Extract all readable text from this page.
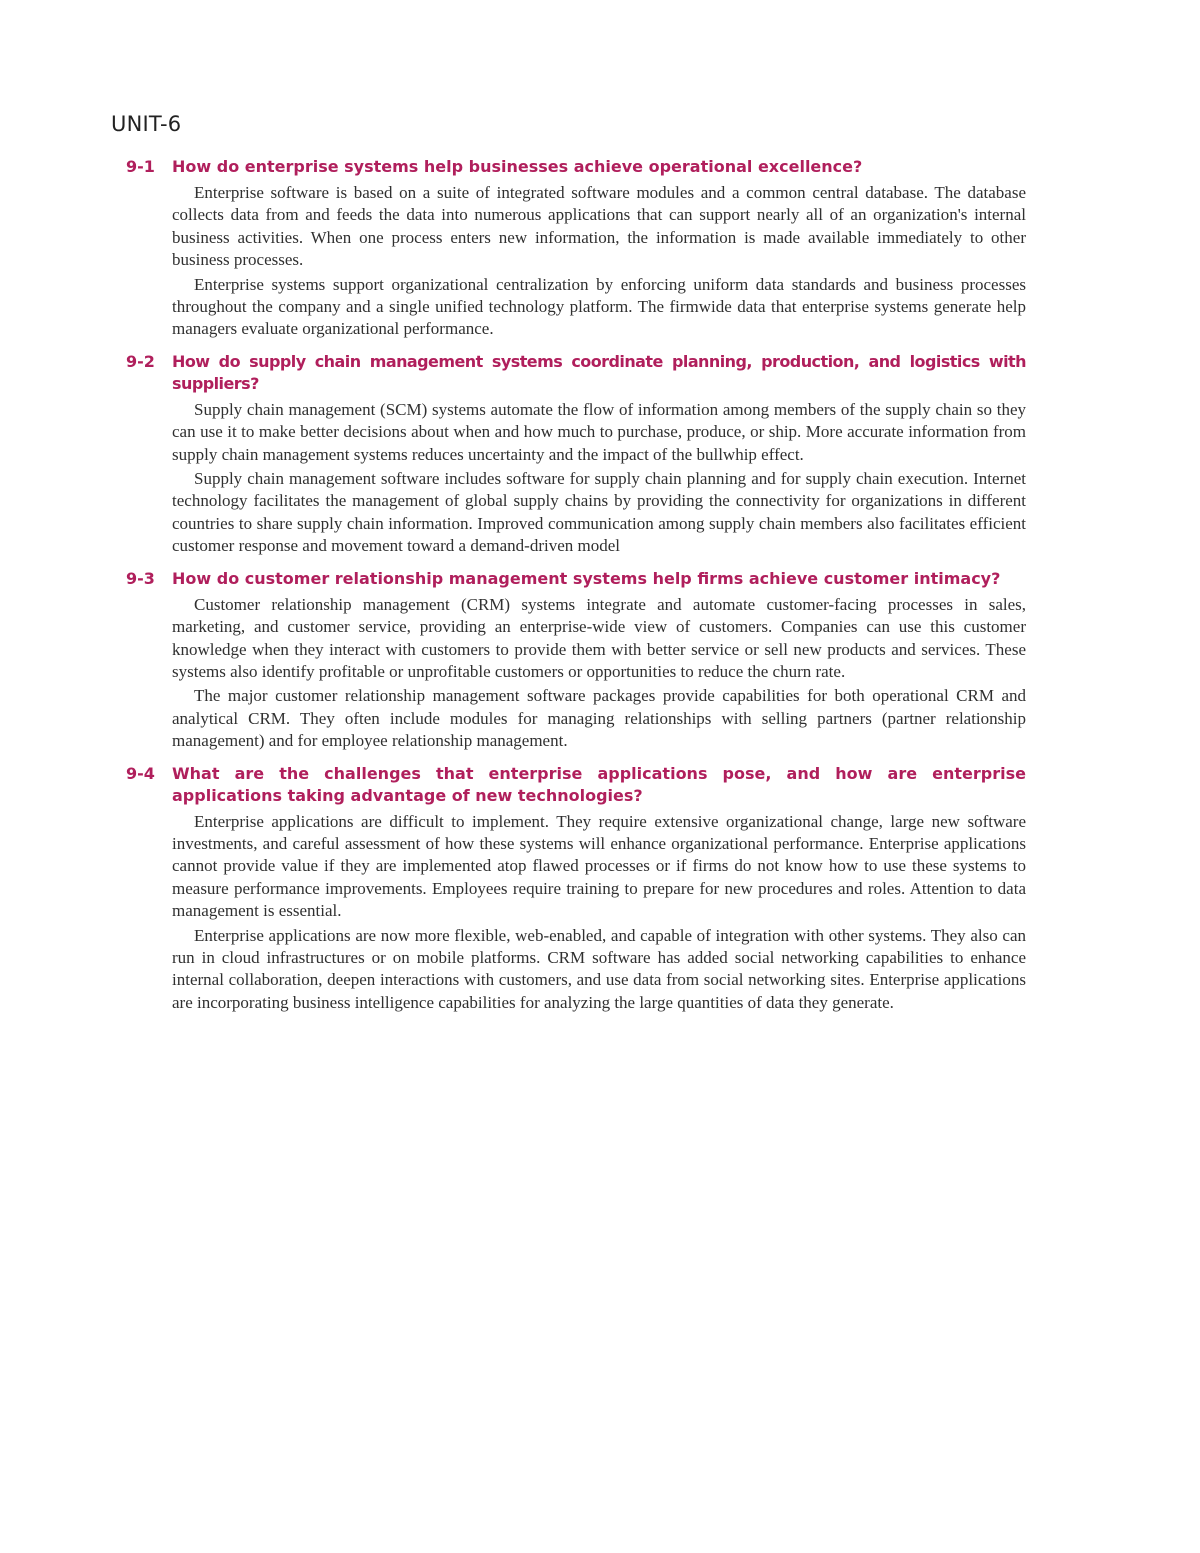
UNIT-6
9-1	How do enterprise systems help businesses achieve operational excellence?

Enterprise software is based on a suite of integrated software modules and a common central database. The database collects data from and feeds the data into numerous applications that can support nearly all of an organization's internal business activities. When one process enters new information, the information is made available immediately to other business processes.

Enterprise systems support organizational centralization by enforcing uniform data standards and business processes throughout the company and a single unified technology platform. The firmwide data that enterprise systems generate help managers evaluate organizational performance.

9-2	How do supply chain management systems coordinate planning, production, and logistics with suppliers?

Supply chain management (SCM) systems automate the flow of information among members of the supply chain so they can use it to make better decisions about when and how much to purchase, produce, or ship. More accurate information from supply chain management systems reduces uncertainty and the impact of the bullwhip effect.

Supply chain management software includes software for supply chain planning and for supply chain execution. Internet technology facilitates the management of global supply chains by providing the connectivity for organizations in different countries to share supply chain information. Improved communication among supply chain members also facilitates efficient customer response and movement toward a demand-driven model

9-3	How do customer relationship management systems help firms achieve customer intimacy?

Customer relationship management (CRM) systems integrate and automate customer-facing processes in sales, marketing, and customer service, providing an enterprise-wide view of customers. Companies can use this customer knowledge when they interact with customers to provide them with better service or sell new products and services. These systems also identify profitable or unprofitable customers or opportunities to reduce the churn rate.

The major customer relationship management software packages provide capabilities for both operational CRM and analytical CRM. They often include modules for managing relationships with selling partners (partner relationship management) and for employee relationship management.

9-4	What are the challenges that enterprise applications pose, and how are enterprise applications taking advantage of new technologies?

Enterprise applications are difficult to implement. They require extensive organizational change, large new software investments, and careful assessment of how these systems will enhance organizational performance. Enterprise applications cannot provide value if they are implemented atop flawed processes or if firms do not know how to use these systems to measure performance improvements. Employees require training to prepare for new procedures and roles. Attention to data management is essential.

Enterprise applications are now more flexible, web-enabled, and capable of integration with other systems. They also can run in cloud infrastructures or on mobile platforms. CRM software has added social networking capabilities to enhance internal collaboration, deepen interactions with customers, and use data from social networking sites. Enterprise applications are incorporating business intelligence capabilities for analyzing the large quantities of data they generate.
